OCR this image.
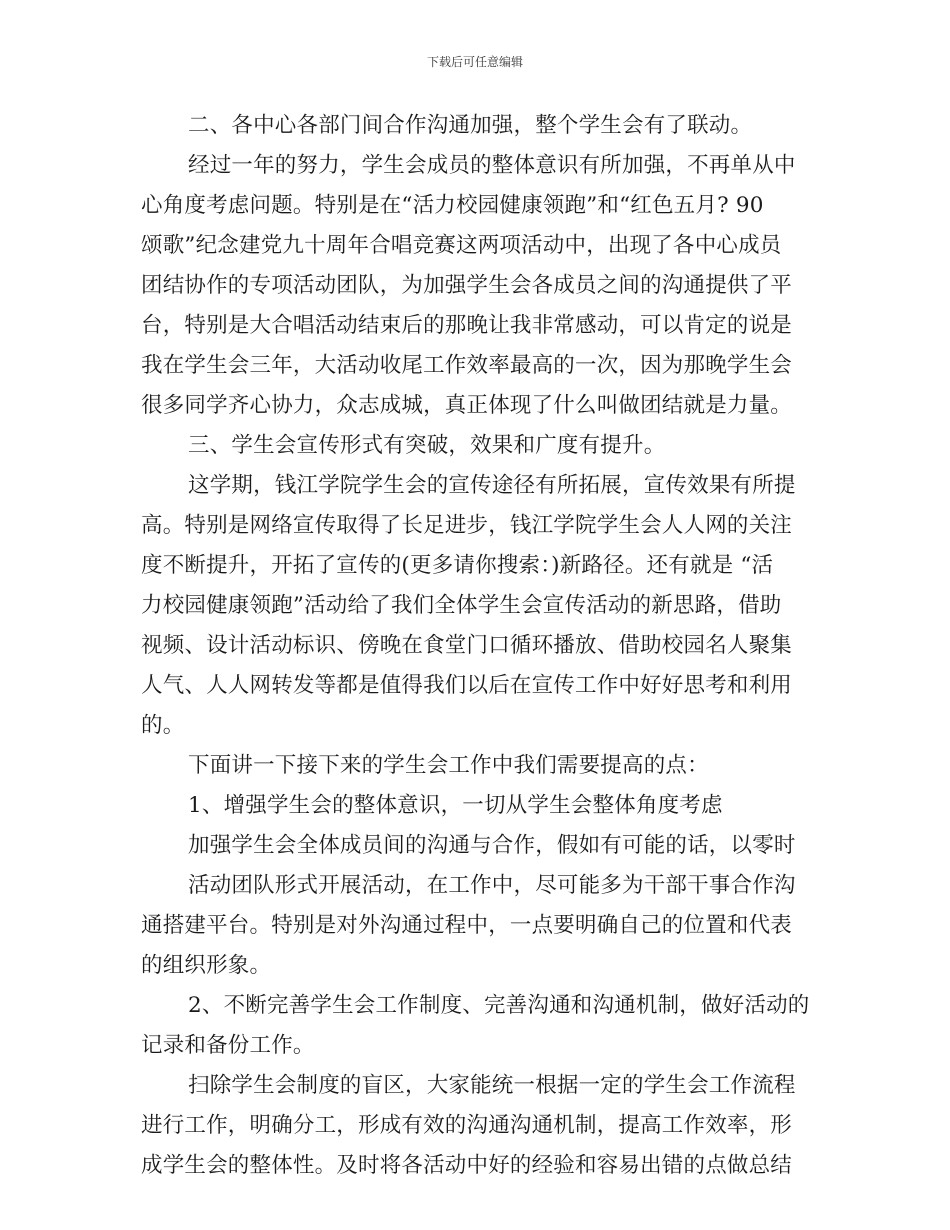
下载后可任意编辑
二、各中心各部门间合作沟通加强，整个学生会有了联动。
经过一年的努力，学生会成员的整体意识有所加强，不再单从中
心角度考虑问题。特别是在“活力校园健康领跑”和“红色五月? 90
颂歌”纪念建党九十周年合唱竞赛这两项活动中，出现了各中心成员
团结协作的专项活动团队，为加强学生会各成员之间的沟通提供了平
台，特别是大合唱活动结束后的那晚让我非常感动，可以肯定的说是
我在学生会三年，大活动收尾工作效率最高的一次，因为那晚学生会
很多同学齐心协力，众志成城，真正体现了什么叫做团结就是力量。
三、学生会宣传形式有突破，效果和广度有提升。
这学期，钱江学院学生会的宣传途径有所拓展，宣传效果有所提
高。特别是网络宣传取得了长足进步，钱江学院学生会人人网的关注
度不断提升，开拓了宣传的(更多请你搜索：)新路径。还有就是 “活
力校园健康领跑”活动给了我们全体学生会宣传活动的新思路，借助
视频、设计活动标识、傍晚在食堂门口循环播放、借助校园名人聚集
人气、人人网转发等都是值得我们以后在宣传工作中好好思考和利用
的。
下面讲一下接下来的学生会工作中我们需要提高的点：
1、增强学生会的整体意识，一切从学生会整体角度考虑
加强学生会全体成员间的沟通与合作，假如有可能的话，以零时
活动团队形式开展活动，在工作中，尽可能多为干部干事合作沟
通搭建平台。特别是对外沟通过程中，一点要明确自己的位置和代表
的组织形象。
2、不断完善学生会工作制度、完善沟通和沟通机制，做好活动的
记录和备份工作。
扫除学生会制度的盲区，大家能统一根据一定的学生会工作流程
进行工作，明确分工，形成有效的沟通沟通机制，提高工作效率，形
成学生会的整体性。及时将各活动中好的经验和容易出错的点做总结
